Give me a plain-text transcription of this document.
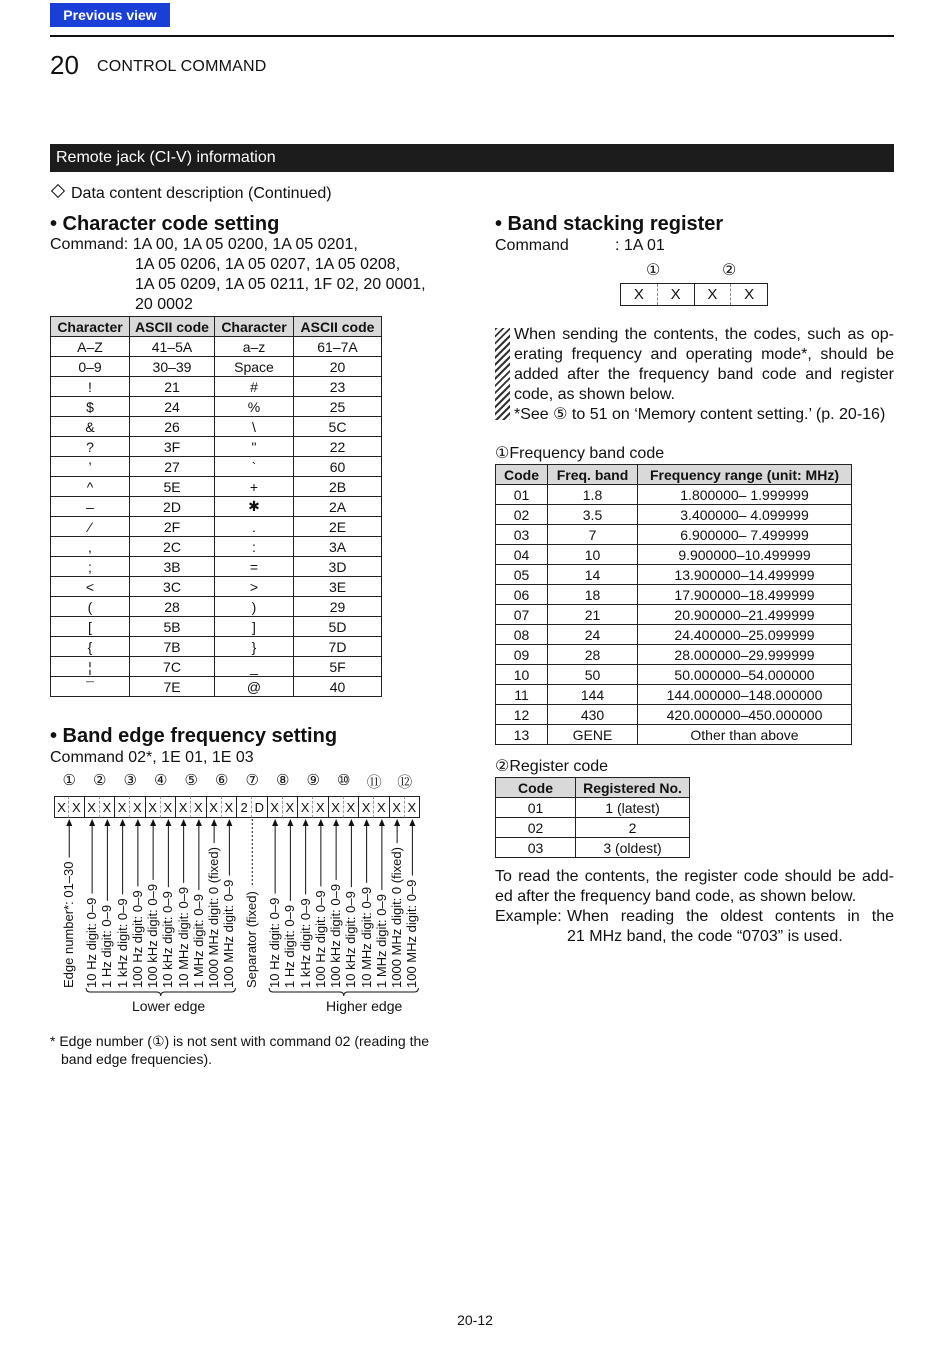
Previous view
20 CONTROL COMMAND
Remote jack (CI-V) information
Data content description (Continued)
• Character code setting
Command: 1A 00, 1A 05 0200, 1A 05 0201,
1A 05 0206, 1A 05 0207, 1A 05 0208,
1A 05 0209, 1A 05 0211, 1F 02, 20 0001,
20 0002
Character	ASCII code	Character	ASCII code
A–Z	41–5A	a–z	61–7A
0–9	30–39	Space	20
!	21	#	23
$	24	%	25
&	26	\	5C
?	3F	"	22
’	27	`	60
^	5E	+	2B
–	2D	✱	2A
⁄	2F	.	2E
,	2C	:	3A
;	3B	=	3D
<	3C	>	3E
(	28	)	29
[	5B	]	5D
{	7B	}	7D
¦	7C	_	5F
¯	7E	@	40
• Band edge frequency setting
Command 02*, 1E 01, 1E 03
①	②	③	④	⑤	⑥	⑦	⑧	⑨	⑩	⑪	⑫
X X X X X X X X X X X X 2 D X X X X X X X X X X
Edge number*: 01–30 10 Hz digit: 0–9 1 Hz digit: 0–9 1 kHz digit: 0–9 100 Hz digit: 0–9 100 kHz digit: 0–9 10 kHz digit: 0–9 10 MHz digit: 0–9 1 MHz digit: 0–9 1000 MHz digit: 0 (fixed) 100 MHz digit: 0–9 Separator (fixed) 10 Hz digit: 0–9 1 Hz digit: 0–9 1 kHz digit: 0–9 100 Hz digit: 0–9 100 kHz digit: 0–9 10 kHz digit: 0–9 10 MHz digit: 0–9 1 MHz digit: 0–9 1000 MHz digit: 0 (fixed) 100 MHz digit: 0–9
Lower edge	Higher edge
* Edge number (①) is not sent with command 02 (reading the
band edge frequencies).
• Band stacking register
Command	: 1A 01
①	②
X	X	X	X
When sending the contents, the codes, such as op-
erating frequency and operating mode*, should be
added after the frequency band code and register
code, as shown below.
*See ⑤ to 51 on ‘Memory content setting.’ (p. 20-16)
①Frequency band code
Code	Freq. band	Frequency range (unit: MHz)
01	1.8	1.800000– 1.999999
02	3.5	3.400000– 4.099999
03	7	6.900000– 7.499999
04	10	9.900000–10.499999
05	14	13.900000–14.499999
06	18	17.900000–18.499999
07	21	20.900000–21.499999
08	24	24.400000–25.099999
09	28	28.000000–29.999999
10	50	50.000000–54.000000
11	144	144.000000–148.000000
12	430	420.000000–450.000000
13	GENE	Other than above
②Register code
Code	Registered No.
01	1 (latest)
02	2
03	3 (oldest)
To read the contents, the register code should be add-
ed after the frequency band code, as shown below.
Example: When reading the oldest contents in the
21 MHz band, the code “0703” is used.
20-12
